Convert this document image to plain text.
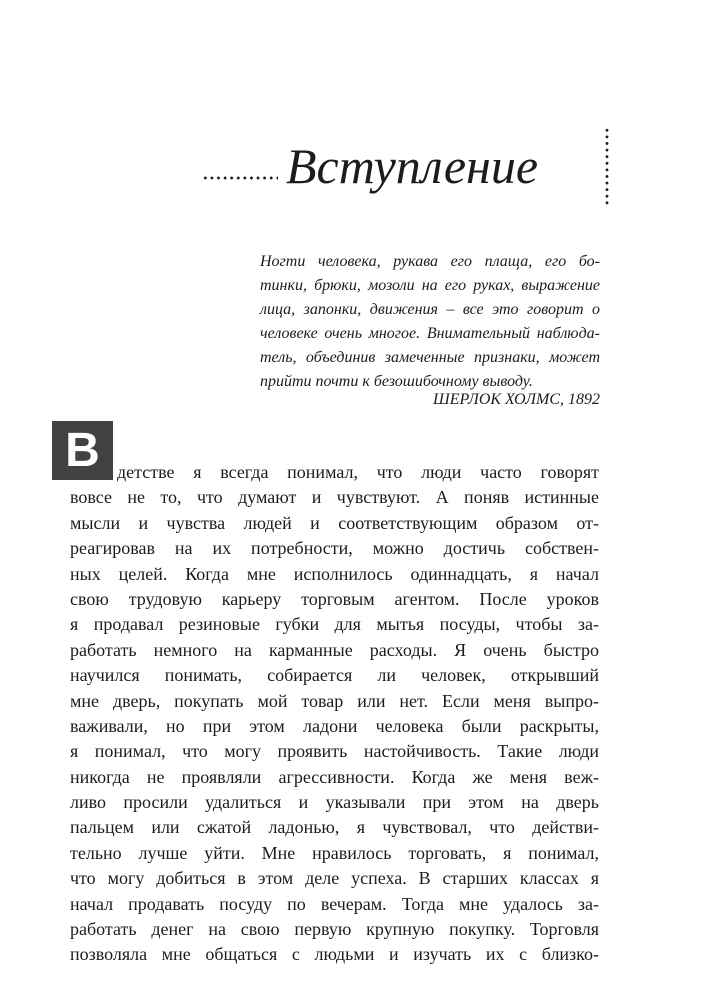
Вступление
Ногти человека, рукава его плаща, его бо-
тинки, брюки, мозоли на его руках, выражение
лица, запонки, движения – все это говорит о
человеке очень многое. Внимательный наблюда-
тель, объединив замеченные признаки, может
прийти почти к безошибочному выводу.
ШЕРЛОК ХОЛМС, 1892
В детстве я всегда понимал, что люди часто говорят
вовсе не то, что думают и чувствуют. А поняв истинные
мысли и чувства людей и соответствующим образом от-
реагировав на их потребности, можно достичь собствен-
ных целей. Когда мне исполнилось одиннадцать, я начал
свою трудовую карьеру торговым агентом. После уроков
я продавал резиновые губки для мытья посуды, чтобы за-
работать немного на карманные расходы. Я очень быстро
научился понимать, собирается ли человек, открывший
мне дверь, покупать мой товар или нет. Если меня выпро-
важивали, но при этом ладони человека были раскрыты,
я понимал, что могу проявить настойчивость. Такие люди
никогда не проявляли агрессивности. Когда же меня веж-
ливо просили удалиться и указывали при этом на дверь
пальцем или сжатой ладонью, я чувствовал, что действи-
тельно лучше уйти. Мне нравилось торговать, я понимал,
что могу добиться в этом деле успеха. В старших классах я
начал продавать посуду по вечерам. Тогда мне удалось за-
работать денег на свою первую крупную покупку. Торговля
позволяла мне общаться с людьми и изучать их с близко-
